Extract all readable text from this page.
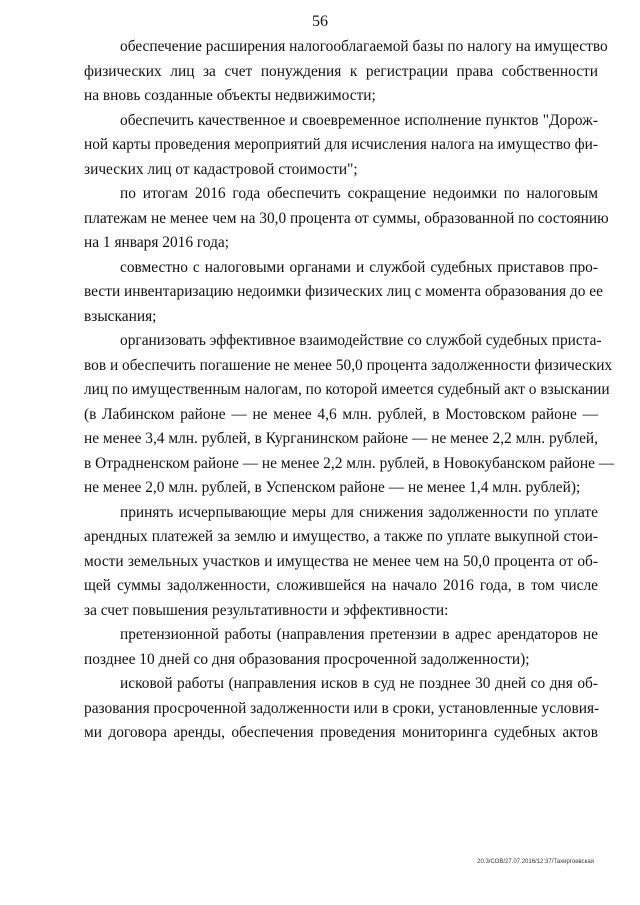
56
обеспечение расширения налогооблагаемой базы по налогу на имущество
физических лиц за счет понуждения к регистрации права собственности
на вновь созданные объекты недвижимости;
обеспечить качественное и своевременное исполнение пунктов "Дорож-
ной карты проведения мероприятий для исчисления налога на имущество фи-
зических лиц от кадастровой стоимости";
по итогам 2016 года обеспечить сокращение недоимки по налоговым
платежам не менее чем на 30,0 процента от суммы, образованной по состоянию
на 1 января 2016 года;
совместно с налоговыми органами и службой судебных приставов про-
вести инвентаризацию недоимки физических лиц с момента образования до ее
взыскания;
организовать эффективное взаимодействие со службой судебных приста-
вов и обеспечить погашение не менее 50,0 процента задолженности физических
лиц по имущественным налогам, по которой имеется судебный акт о взыскании
(в Лабинском районе — не менее 4,6 млн. рублей, в Мостовском районе —
не менее 3,4 млн. рублей, в Курганинском районе — не менее 2,2 млн. рублей,
в Отрадненском районе — не менее 2,2 млн. рублей, в Новокубанском районе —
не менее 2,0 млн. рублей, в Успенском районе — не менее 1,4 млн. рублей);
принять исчерпывающие меры для снижения задолженности по уплате
арендных платежей за землю и имущество, а также по уплате выкупной стои-
мости земельных участков и имущества не менее чем на 50,0 процента от об-
щей суммы задолженности, сложившейся на начало 2016 года, в том числе
за счет повышения результативности и эффективности:
претензионной работы (направления претензии в адрес арендаторов не
позднее 10 дней со дня образования просроченной задолженности);
исковой работы (направления исков в суд не позднее 30 дней со дня об-
разования просроченной задолженности или в сроки, установленные условия-
ми договора аренды, обеспечения проведения мониторинга судебных актов
20.3/СОВ/27.07.2016/12:37/Тахиргоевская
